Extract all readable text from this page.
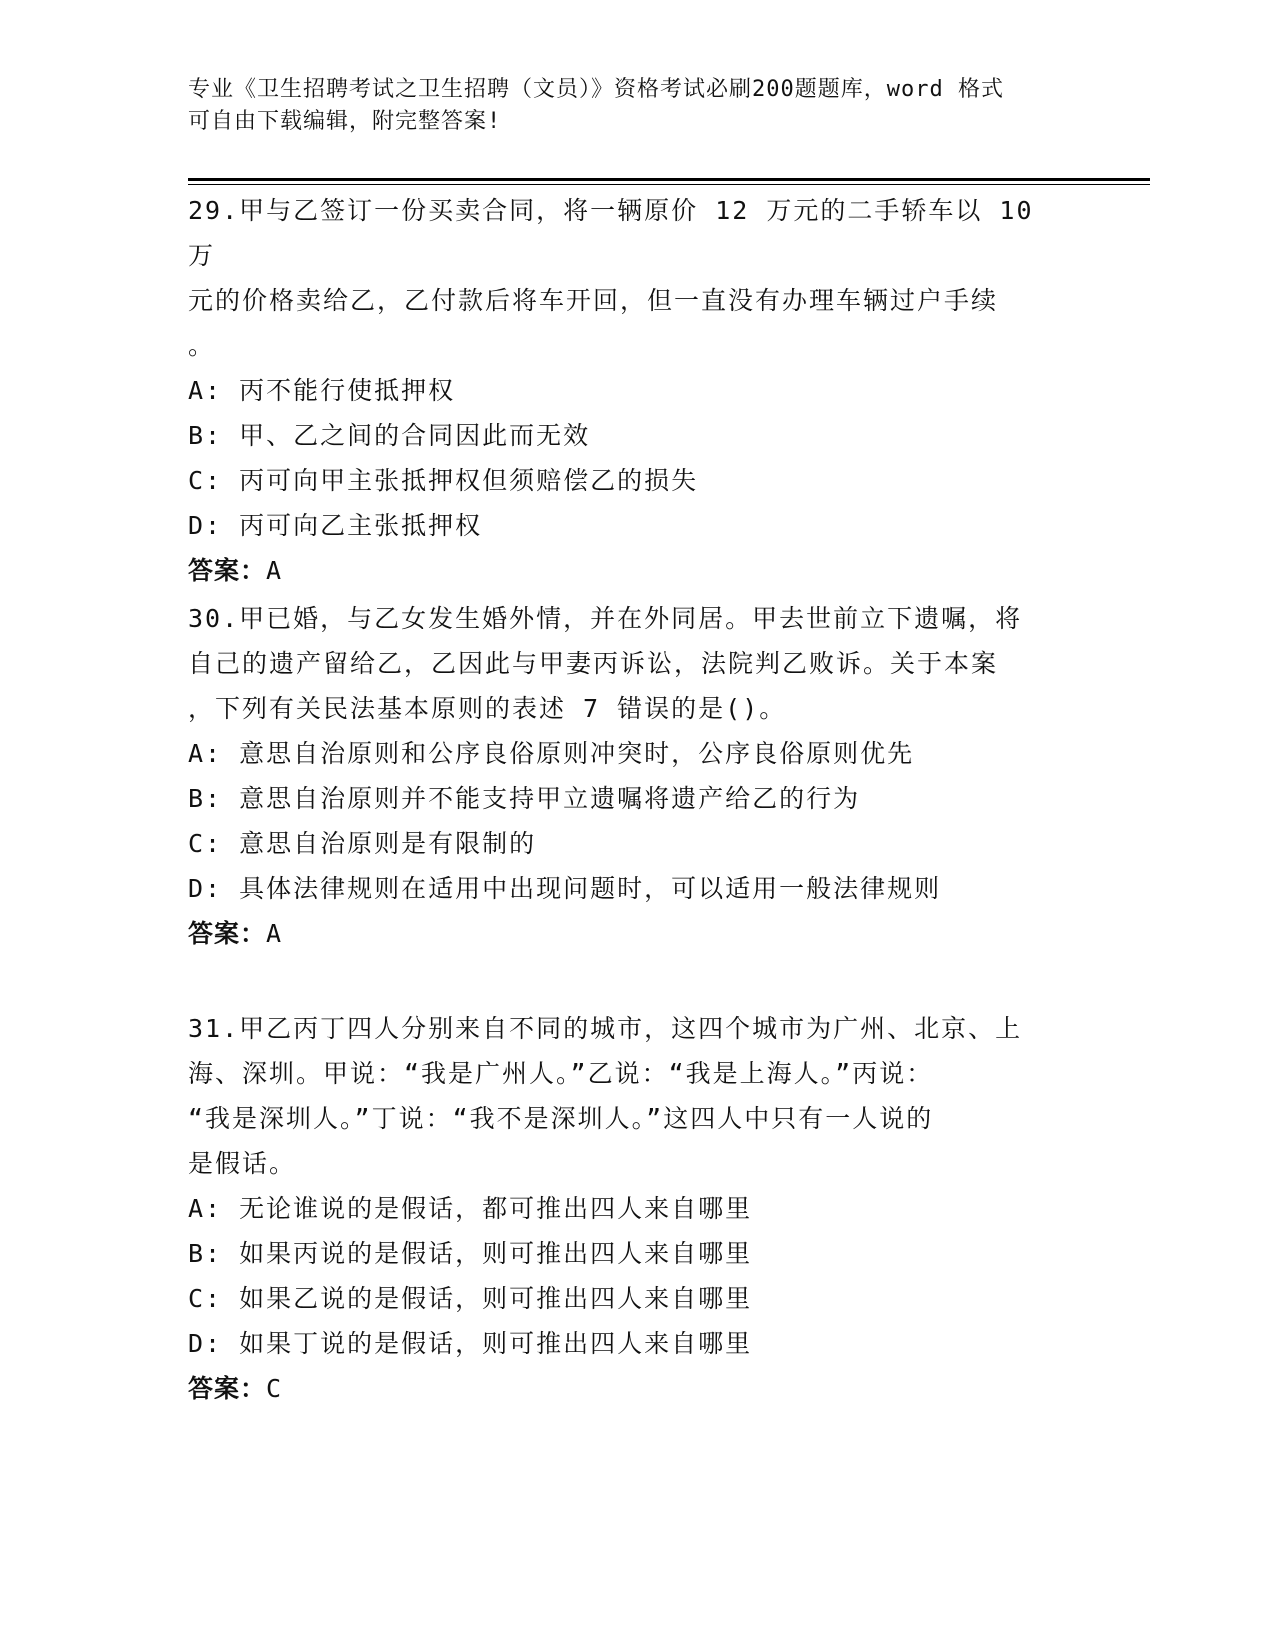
专业《卫生招聘考试之卫生招聘（文员）》资格考试必刷200题题库，word 格式
可自由下载编辑，附完整答案!

29.甲与乙签订一份买卖合同，将一辆原价 12 万元的二手轿车以 10 万

元的价格卖给乙，乙付款后将车开回，但一直没有办理车辆过户手续

。

A: 丙不能行使抵押权

B: 甲、乙之间的合同因此而无效

C: 丙可向甲主张抵押权但须赔偿乙的损失

D: 丙可向乙主张抵押权

答案：A

30.甲已婚，与乙女发生婚外情，并在外同居。甲去世前立下遗嘱，将

自己的遗产留给乙，乙因此与甲妻丙诉讼，法院判乙败诉。关于本案

，下列有关民法基本原则的表述 7 错误的是()。

A: 意思自治原则和公序良俗原则冲突时，公序良俗原则优先

B: 意思自治原则并不能支持甲立遗嘱将遗产给乙的行为

C: 意思自治原则是有限制的

D: 具体法律规则在适用中出现问题时，可以适用一般法律规则

答案：A

31.甲乙丙丁四人分别来自不同的城市，这四个城市为广州、北京、上

海、深圳。甲说：“我是广州人。”乙说：“我是上海人。”丙说：

“我是深圳人。”丁说：“我不是深圳人。”这四人中只有一人说的

是假话。

A: 无论谁说的是假话，都可推出四人来自哪里

B: 如果丙说的是假话，则可推出四人来自哪里

C: 如果乙说的是假话，则可推出四人来自哪里

D: 如果丁说的是假话，则可推出四人来自哪里

答案：C
